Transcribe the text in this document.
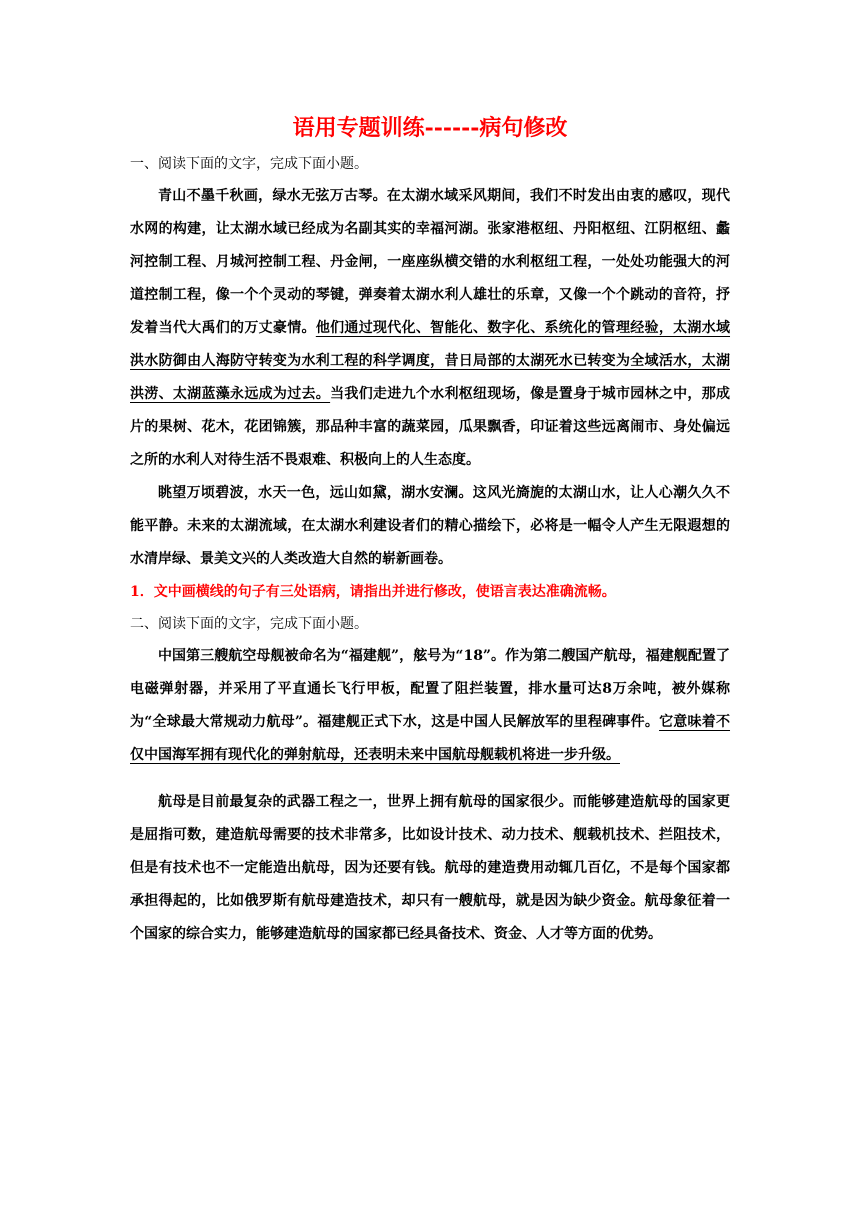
语用专题训练------病句修改

一、阅读下面的文字，完成下面小题。

青山不墨千秋画，绿水无弦万古琴。在太湖水域采风期间，我们不时发出由衷的感叹，现代水网的构建，让太湖水域已经成为名副其实的幸福河湖。张家港枢纽、丹阳枢纽、江阴枢纽、蠡河控制工程、月城河控制工程、丹金闸，一座座纵横交错的水利枢纽工程，一处处功能强大的河道控制工程，像一个个灵动的琴键，弹奏着太湖水利人雄壮的乐章，又像一个个跳动的音符，抒发着当代大禹们的万丈豪情。他们通过现代化、智能化、数字化、系统化的管理经验，太湖水域洪水防御由人海防守转变为水利工程的科学调度，昔日局部的太湖死水已转变为全域活水，太湖洪涝、太湖蓝藻永远成为过去。当我们走进九个水利枢纽现场，像是置身于城市园林之中，那成片的果树、花木，花团锦簇，那品种丰富的蔬菜园，瓜果飘香，印证着这些远离闹市、身处偏远之所的水利人对待生活不畏艰难、积极向上的人生态度。

眺望万顷碧波，水天一色，远山如黛，湖水安澜。这风光旖旎的太湖山水，让人心潮久久不能平静。未来的太湖流域，在太湖水利建设者们的精心描绘下，必将是一幅令人产生无限遐想的水清岸绿、景美文兴的人类改造大自然的崭新画卷。

1．文中画横线的句子有三处语病，请指出并进行修改，使语言表达准确流畅。

二、阅读下面的文字，完成下面小题。

中国第三艘航空母舰被命名为“福建舰”，舷号为“18”。作为第二艘国产航母，福建舰配置了电磁弹射器，并采用了平直通长飞行甲板，配置了阻拦装置，排水量可达8万余吨，被外媒称为“全球最大常规动力航母”。福建舰正式下水，这是中国人民解放军的里程碑事件。它意味着不仅中国海军拥有现代化的弹射航母，还表明未来中国航母舰载机将进一步升级。

航母是目前最复杂的武器工程之一，世界上拥有航母的国家很少。而能够建造航母的国家更是屈指可数，建造航母需要的技术非常多，比如设计技术、动力技术、舰载机技术、拦阻技术，但是有技术也不一定能造出航母，因为还要有钱。航母的建造费用动辄几百亿，不是每个国家都承担得起的，比如俄罗斯有航母建造技术，却只有一艘航母，就是因为缺少资金。航母象征着一个国家的综合实力，能够建造航母的国家都已经具备技术、资金、人才等方面的优势。
